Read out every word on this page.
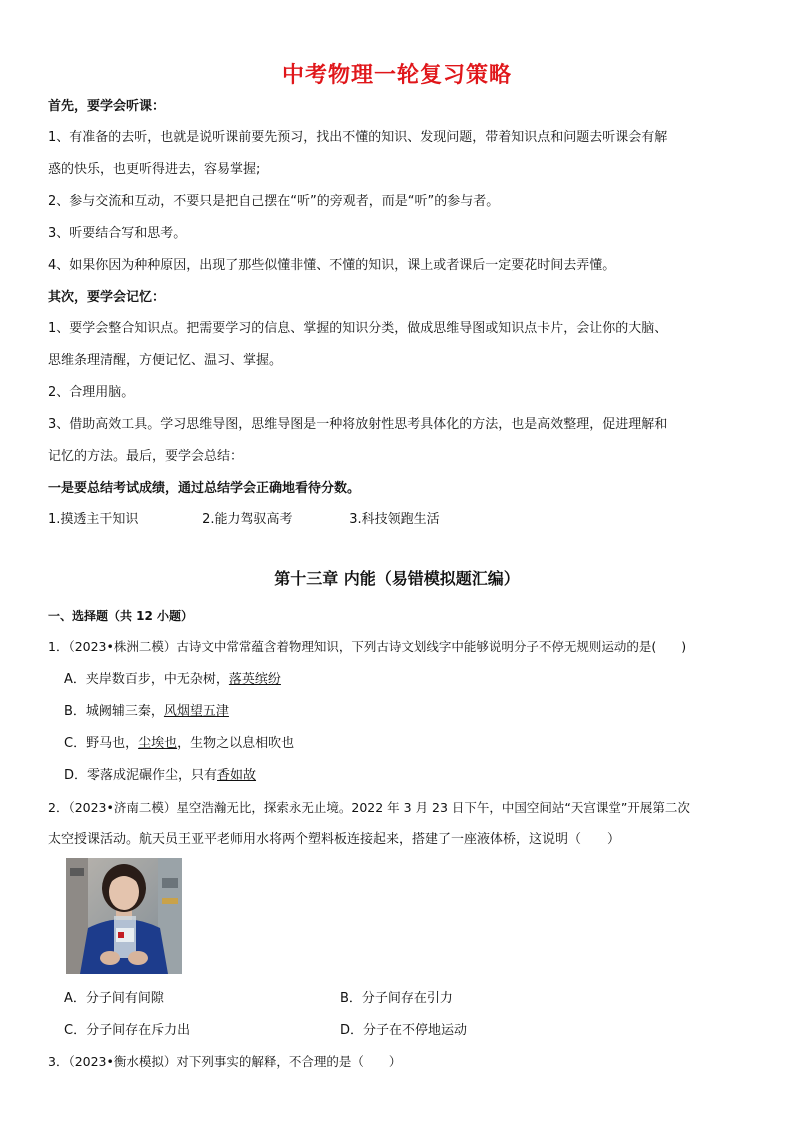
中考物理一轮复习策略
首先，要学会听课：
1、有准备的去听，也就是说听课前要先预习，找出不懂的知识、发现问题，带着知识点和问题去听课会有解
惑的快乐，也更听得进去，容易掌握;
2、参与交流和互动，不要只是把自己摆在“听”的旁观者，而是“听”的参与者。
3、听要结合写和思考。
4、如果你因为种种原因，出现了那些似懂非懂、不懂的知识，课上或者课后一定要花时间去弄懂。
其次，要学会记忆：
1、要学会整合知识点。把需要学习的信息、掌握的知识分类，做成思维导图或知识点卡片，会让你的大脑、
思维条理清醒，方便记忆、温习、掌握。
2、合理用脑。
3、借助高效工具。学习思维导图，思维导图是一种将放射性思考具体化的方法，也是高效整理，促进理解和
记忆的方法。最后，要学会总结：
一是要总结考试成绩，通过总结学会正确地看待分数。
1.摸透主干知识	2.能力驾驭高考	3.科技领跑生活
第十三章 内能（易错模拟题汇编）
一、选择题（共 12 小题）
1．（2023•株洲二模）古诗文中常常蕴含着物理知识，下列古诗文划线字中能够说明分子不停无规则运动的是(　　)
A．夹岸数百步，中无杂树，落英缤纷
B．城阙辅三秦，风烟望五津
C．野马也，尘埃也，生物之以息相吹也
D．零落成泥碾作尘，只有香如故
2．（2023•济南二模）星空浩瀚无比，探索永无止境。2022 年 3 月 23 日下午，中国空间站“天宫课堂”开展第二次
太空授课活动。航天员王亚平老师用水将两个塑料板连接起来，搭建了一座液体桥，这说明（　　）
A．分子间有间隙	B．分子间存在引力
C．分子间存在斥力出	D．分子在不停地运动
3．（2023•衡水模拟）对下列事实的解释，不合理的是（　　）
